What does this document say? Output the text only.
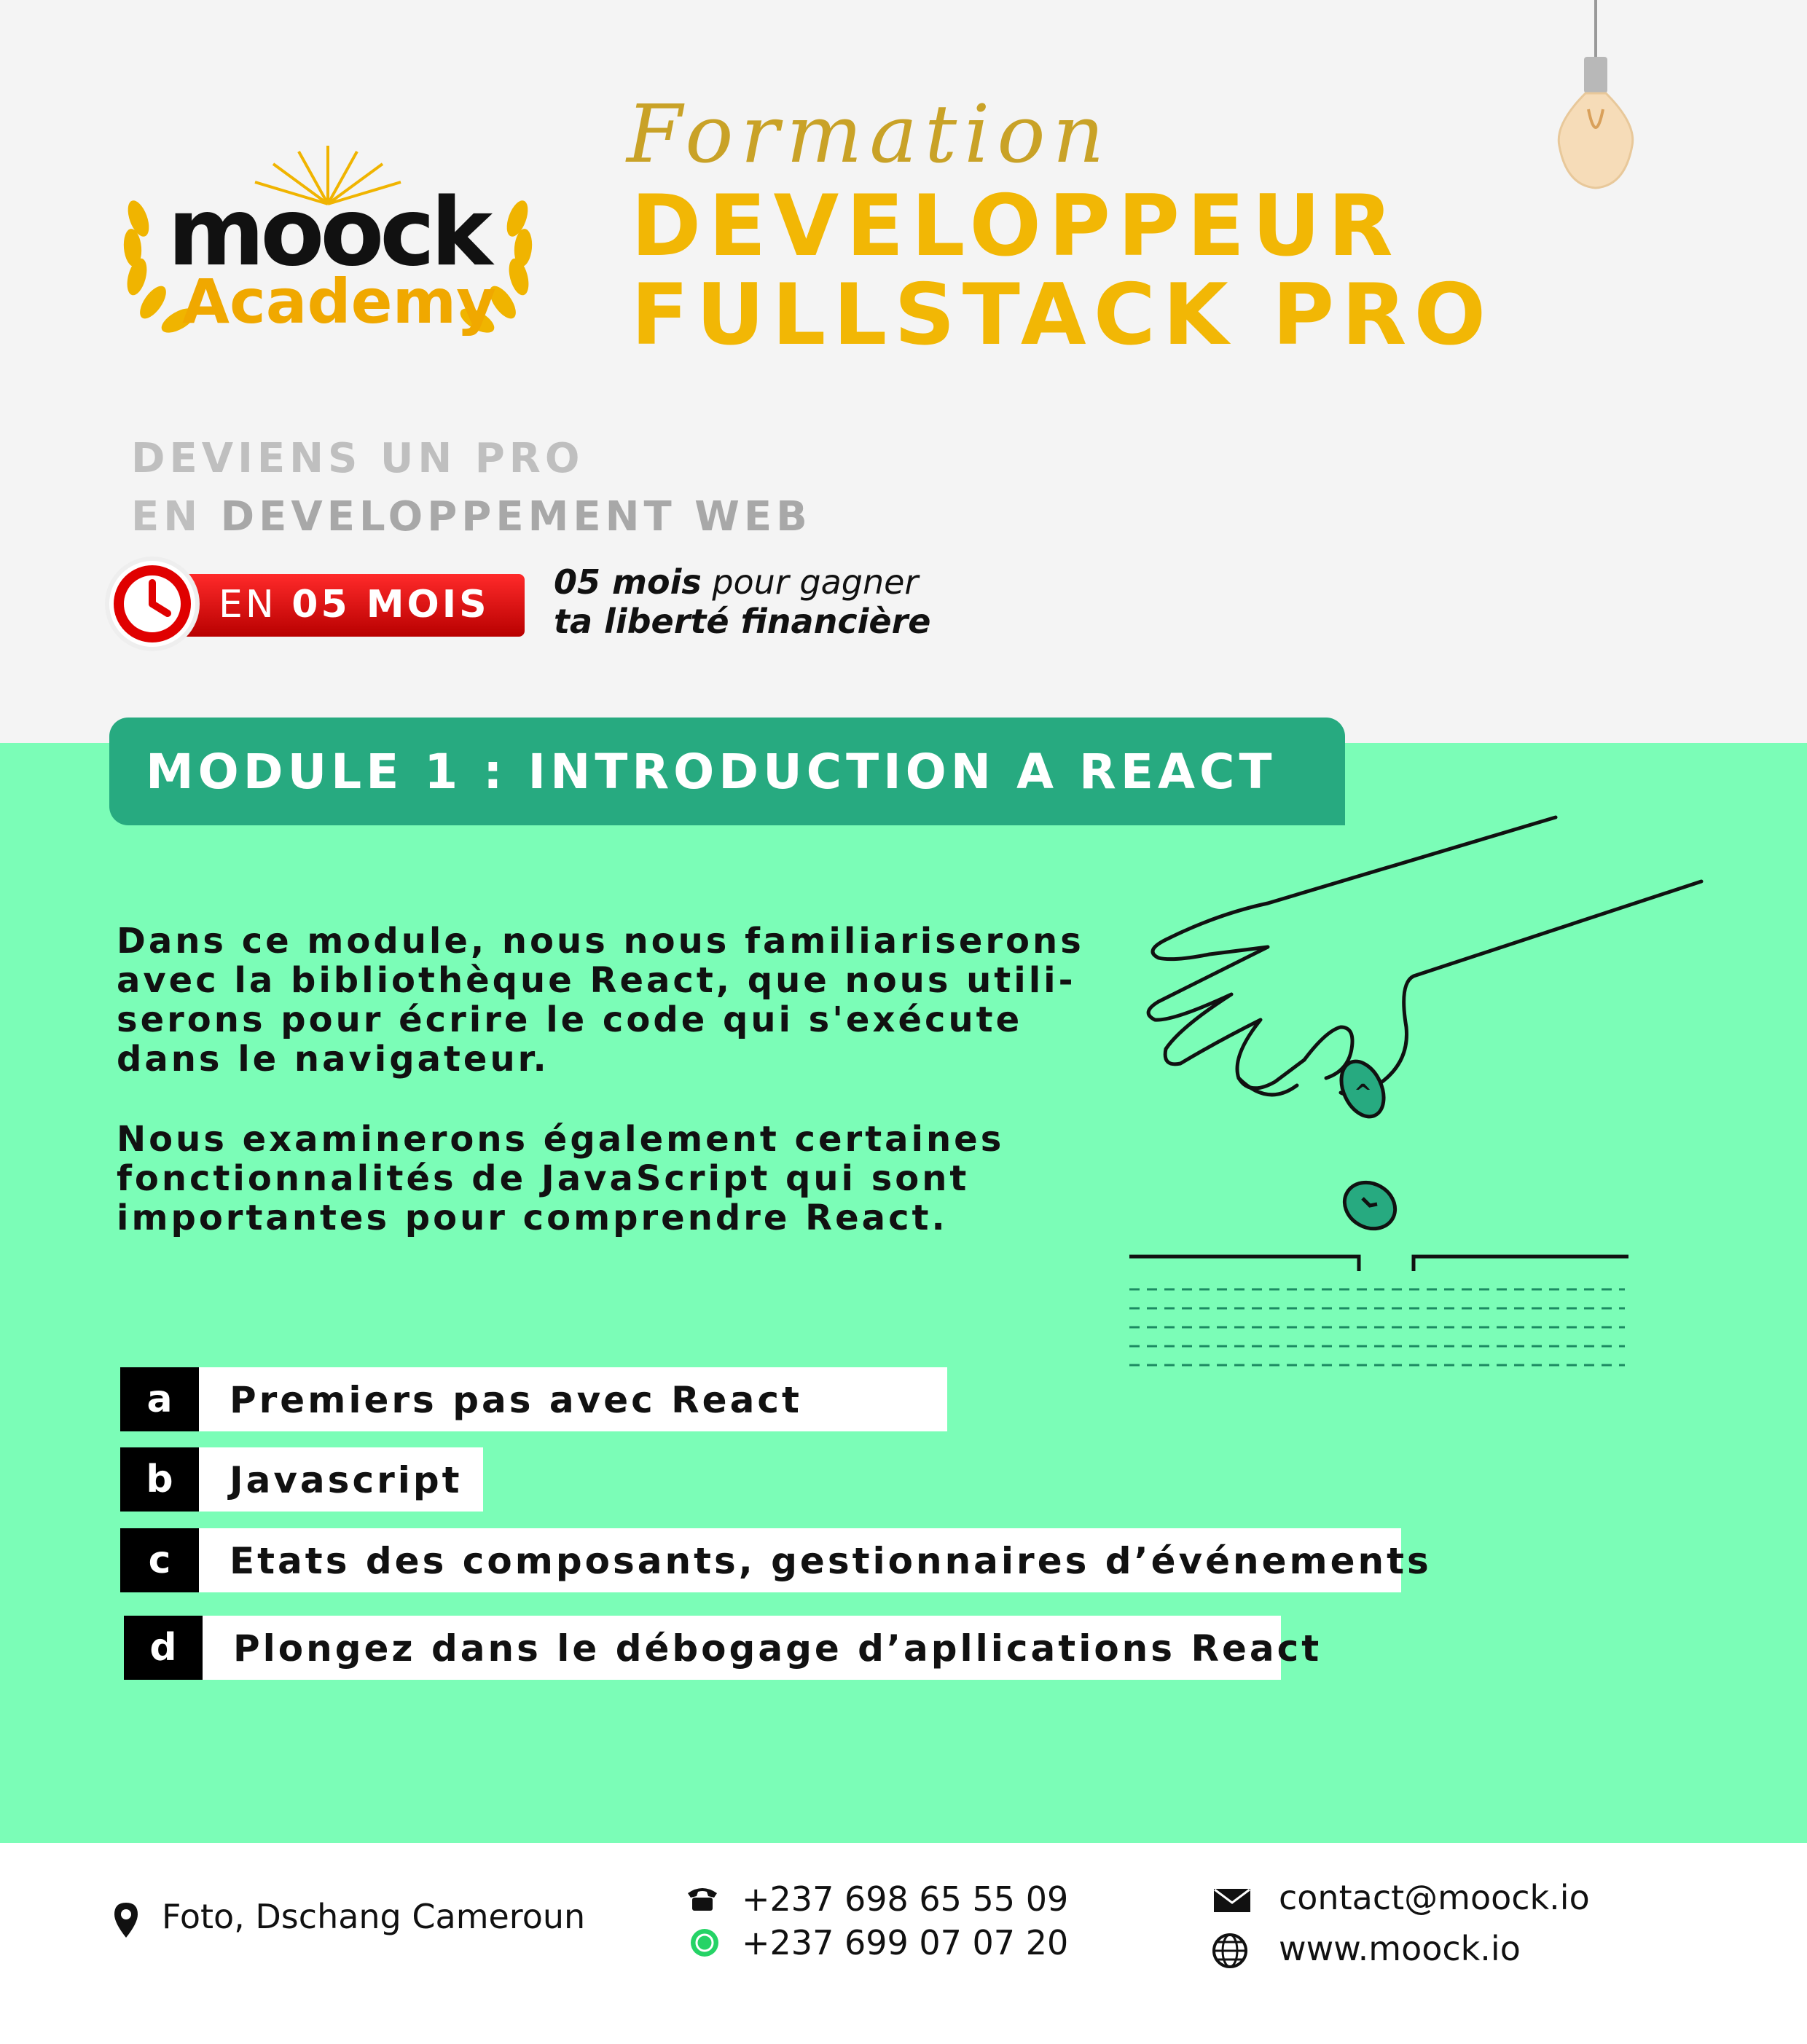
moock
Academy
Formation
DEVELOPPEUR
FULLSTACK PRO
DEVIENS UN PRO
EN DEVELOPPEMENT WEB
EN 05 MOIS
05 mois pour gagner
ta liberté financière
MODULE 1 : INTRODUCTION A REACT
Dans ce module, nous nous familiariserons avec la bibliothèque React, que nous utili-serons pour écrire le code qui s'exécute dans le navigateur.
Nous examinerons également certaines fonctionnalités de JavaScript qui sont importantes pour comprendre React.
^
a	Premiers pas avec React
b	Javascript
c	Etats des composants, gestionnaires d’événements
d	Plongez dans le débogage d’apllications React
Foto, Dschang Cameroun	+237 698 65 55 09
+237 699 07 07 20
contact@moock.io
www.moock.io
